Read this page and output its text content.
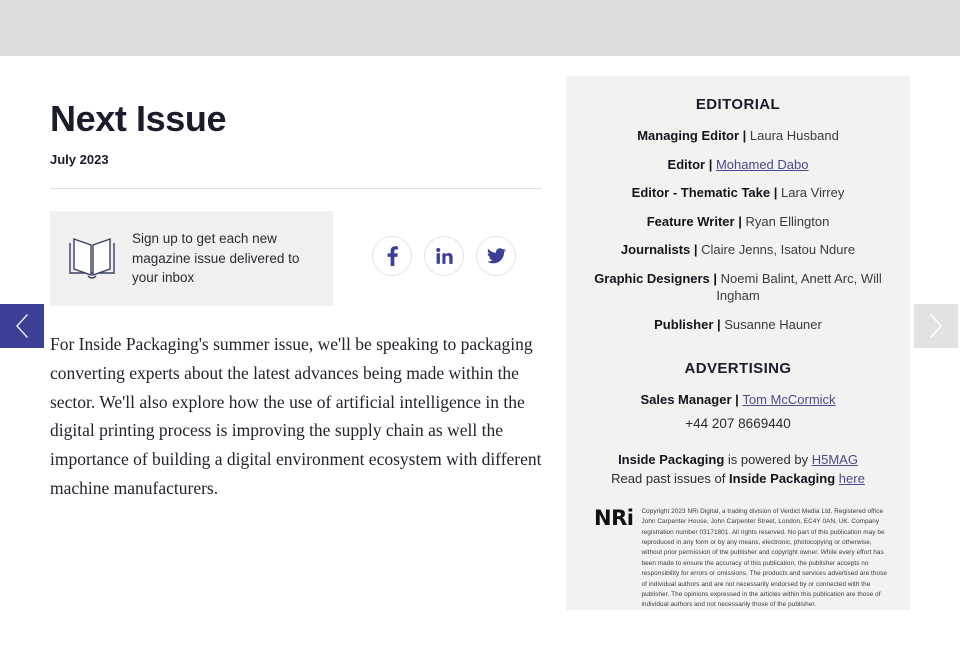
Next Issue
July 2023
Sign up to get each new magazine issue delivered to your inbox

For Inside Packaging's summer issue, we'll be speaking to packaging converting experts about the latest advances being made within the sector. We'll also explore how the use of artificial intelligence in the digital printing process is improving the supply chain as well the importance of building a digital environment ecosystem with different machine manufacturers.

EDITORIAL
Managing Editor | Laura Husband
Editor | Mohamed Dabo
Editor - Thematic Take | Lara Virrey
Feature Writer | Ryan Ellington
Journalists | Claire Jenns, Isatou Ndure
Graphic Designers | Noemi Balint, Anett Arc, Will Ingham
Publisher | Susanne Hauner
ADVERTISING
Sales Manager | Tom McCormick
+44 207 8669440
Inside Packaging is powered by H5MAG
Read past issues of Inside Packaging here
NRi Copyright 2023 NRi Digital, a trading division of Verdict Media Ltd. Registered office John Carpenter House, John Carpenter Street, London, EC4Y 0AN, UK. Company registration number 03171801. All rights reserved. No part of this publication may be reproduced in any form or by any means, electronic, photocopying or otherwise, without prior permission of the publisher and copyright owner. While every effort has been made to ensure the accuracy of this publication, the publisher accepts no responsibility for errors or omissions. The products and services advertised are those of individual authors and are not necessarily endorsed by or connected with the publisher. The opinions expressed in the articles within this publication are those of individual authors and not necessarily those of the publisher.
